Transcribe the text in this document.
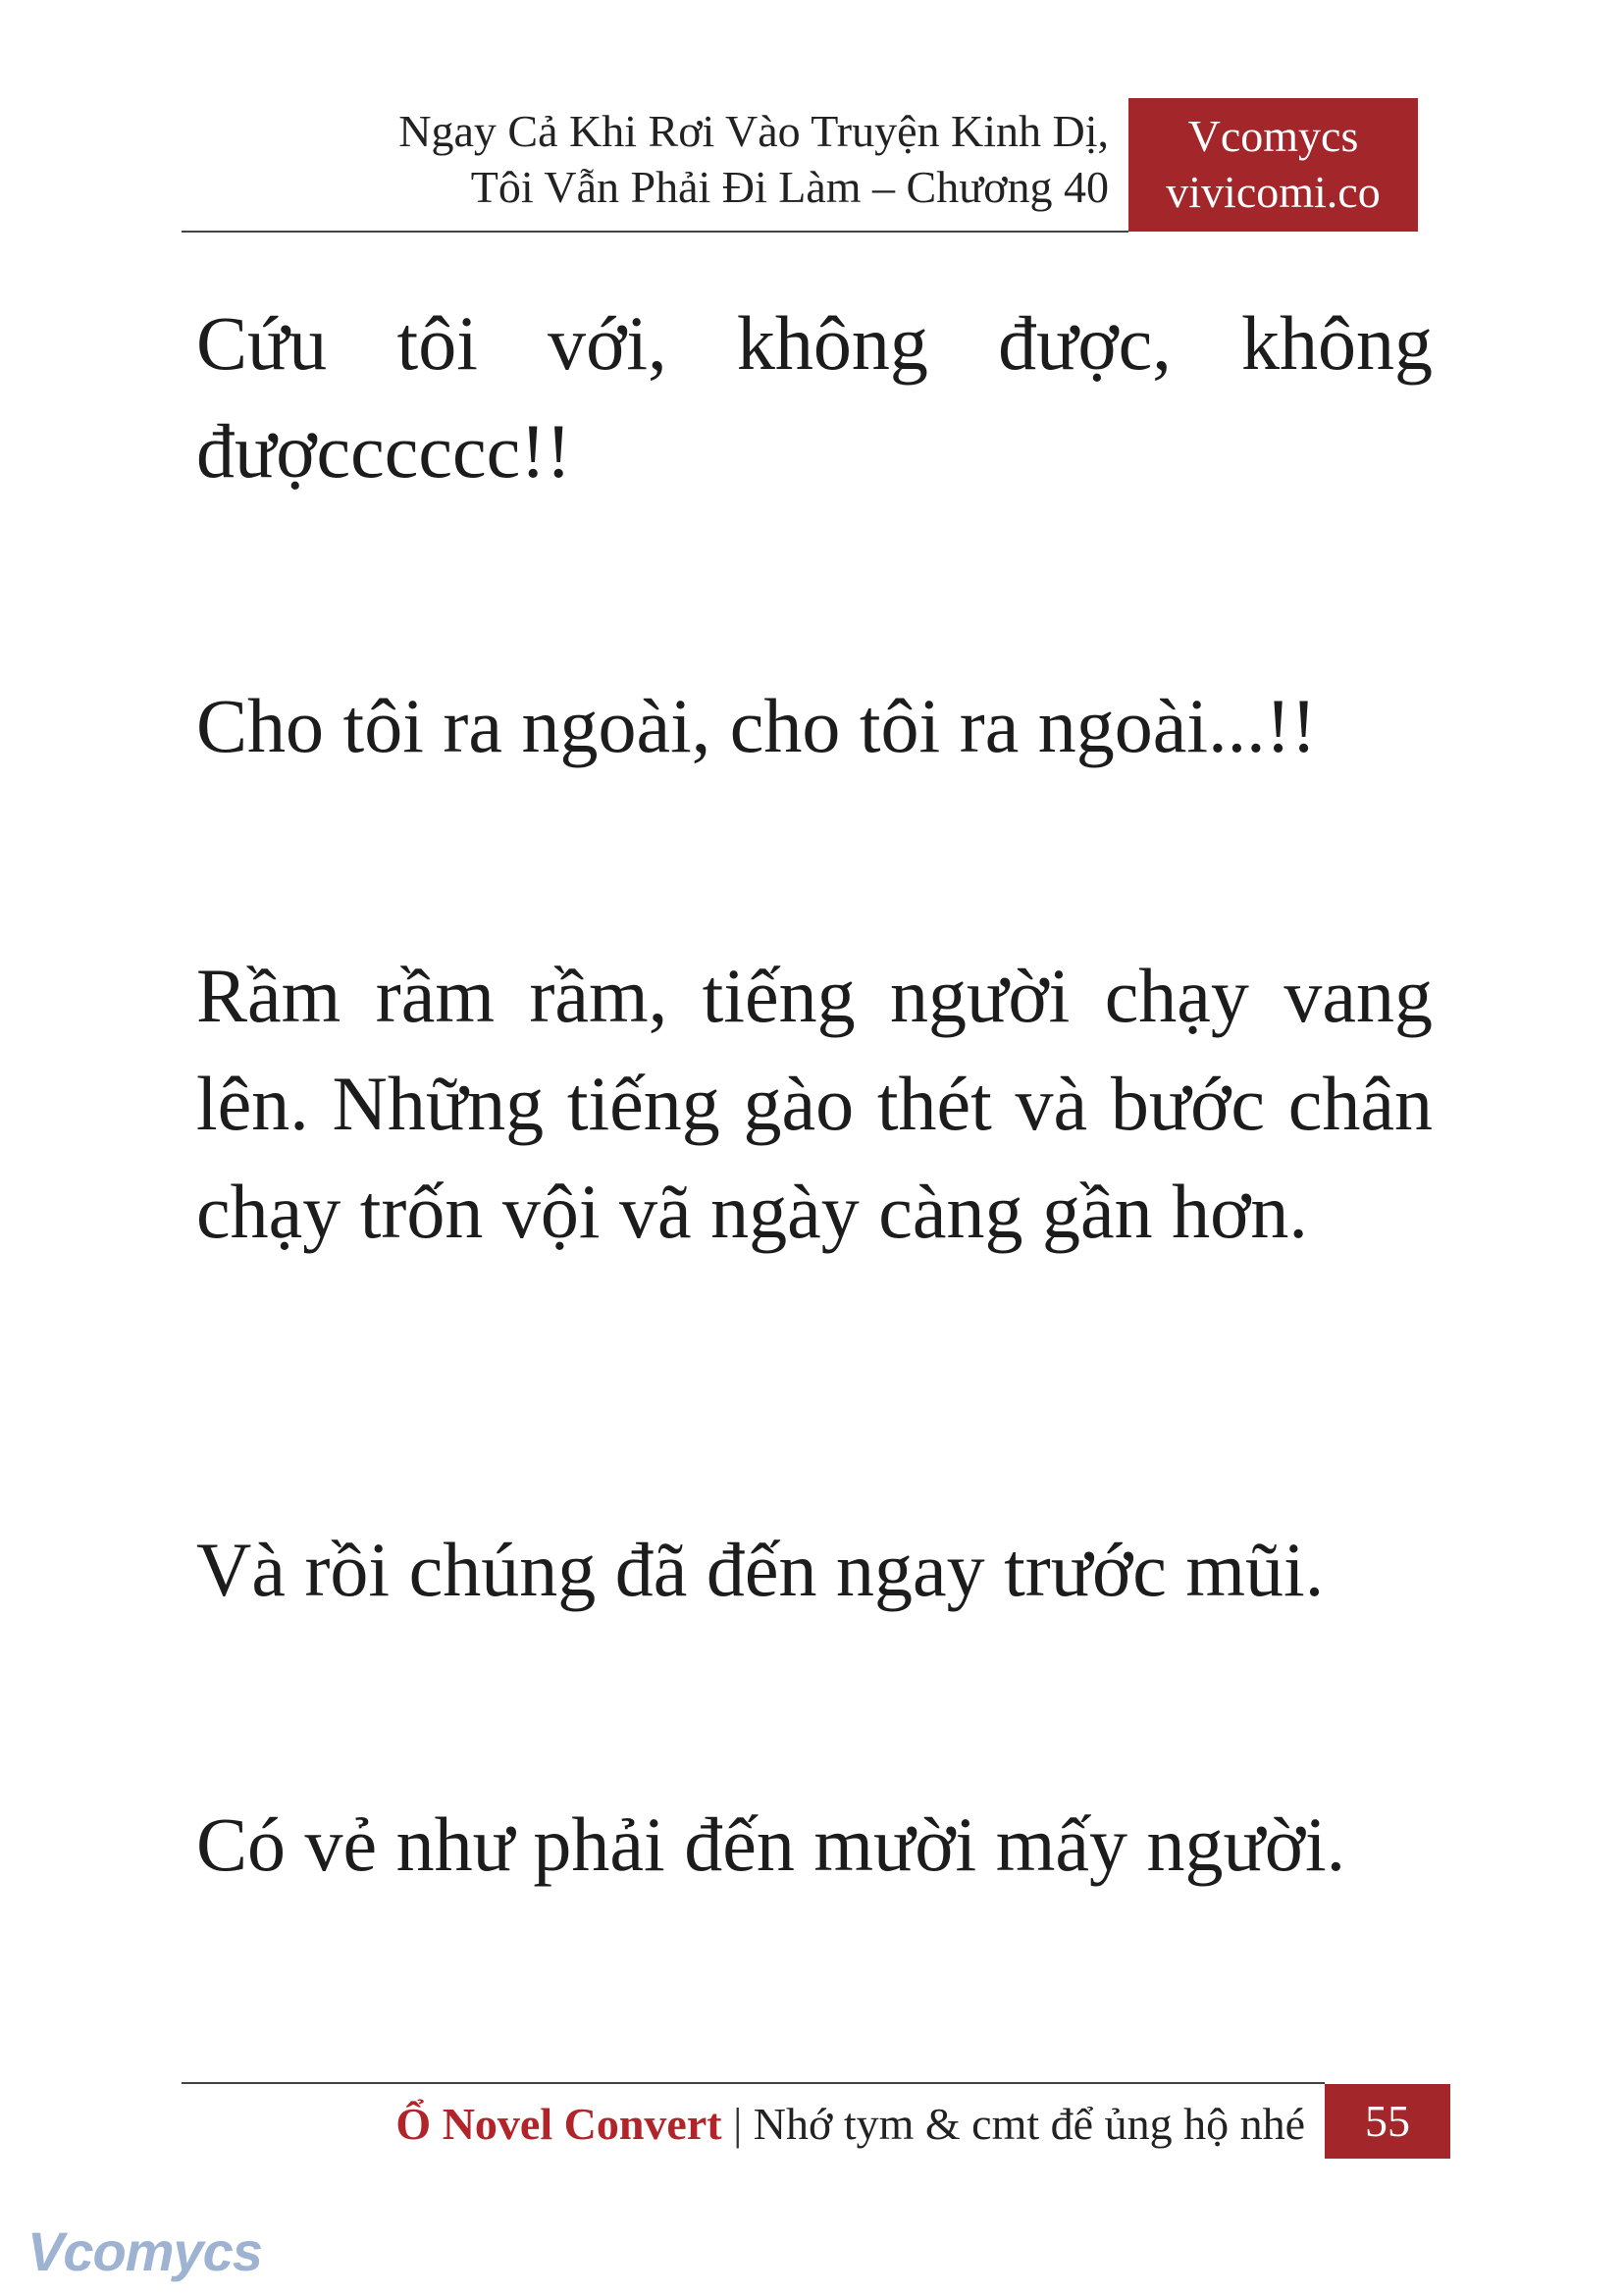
Ngay Cả Khi Rơi Vào Truyện Kinh Dị,
Tôi Vẫn Phải Đi Làm – Chương 40
Vcomycs
vivicomi.co

Cứu tôi với, không được, không đượcccccc!!

Cho tôi ra ngoài, cho tôi ra ngoài...!!

Rầm rầm rầm, tiếng người chạy vang lên. Những tiếng gào thét và bước chân chạy trốn vội vã ngày càng gần hơn.

Và rồi chúng đã đến ngay trước mũi.

Có vẻ như phải đến mười mấy người.

Ổ Novel Convert | Nhớ tym & cmt để ủng hộ nhé	55
Vcomycs
